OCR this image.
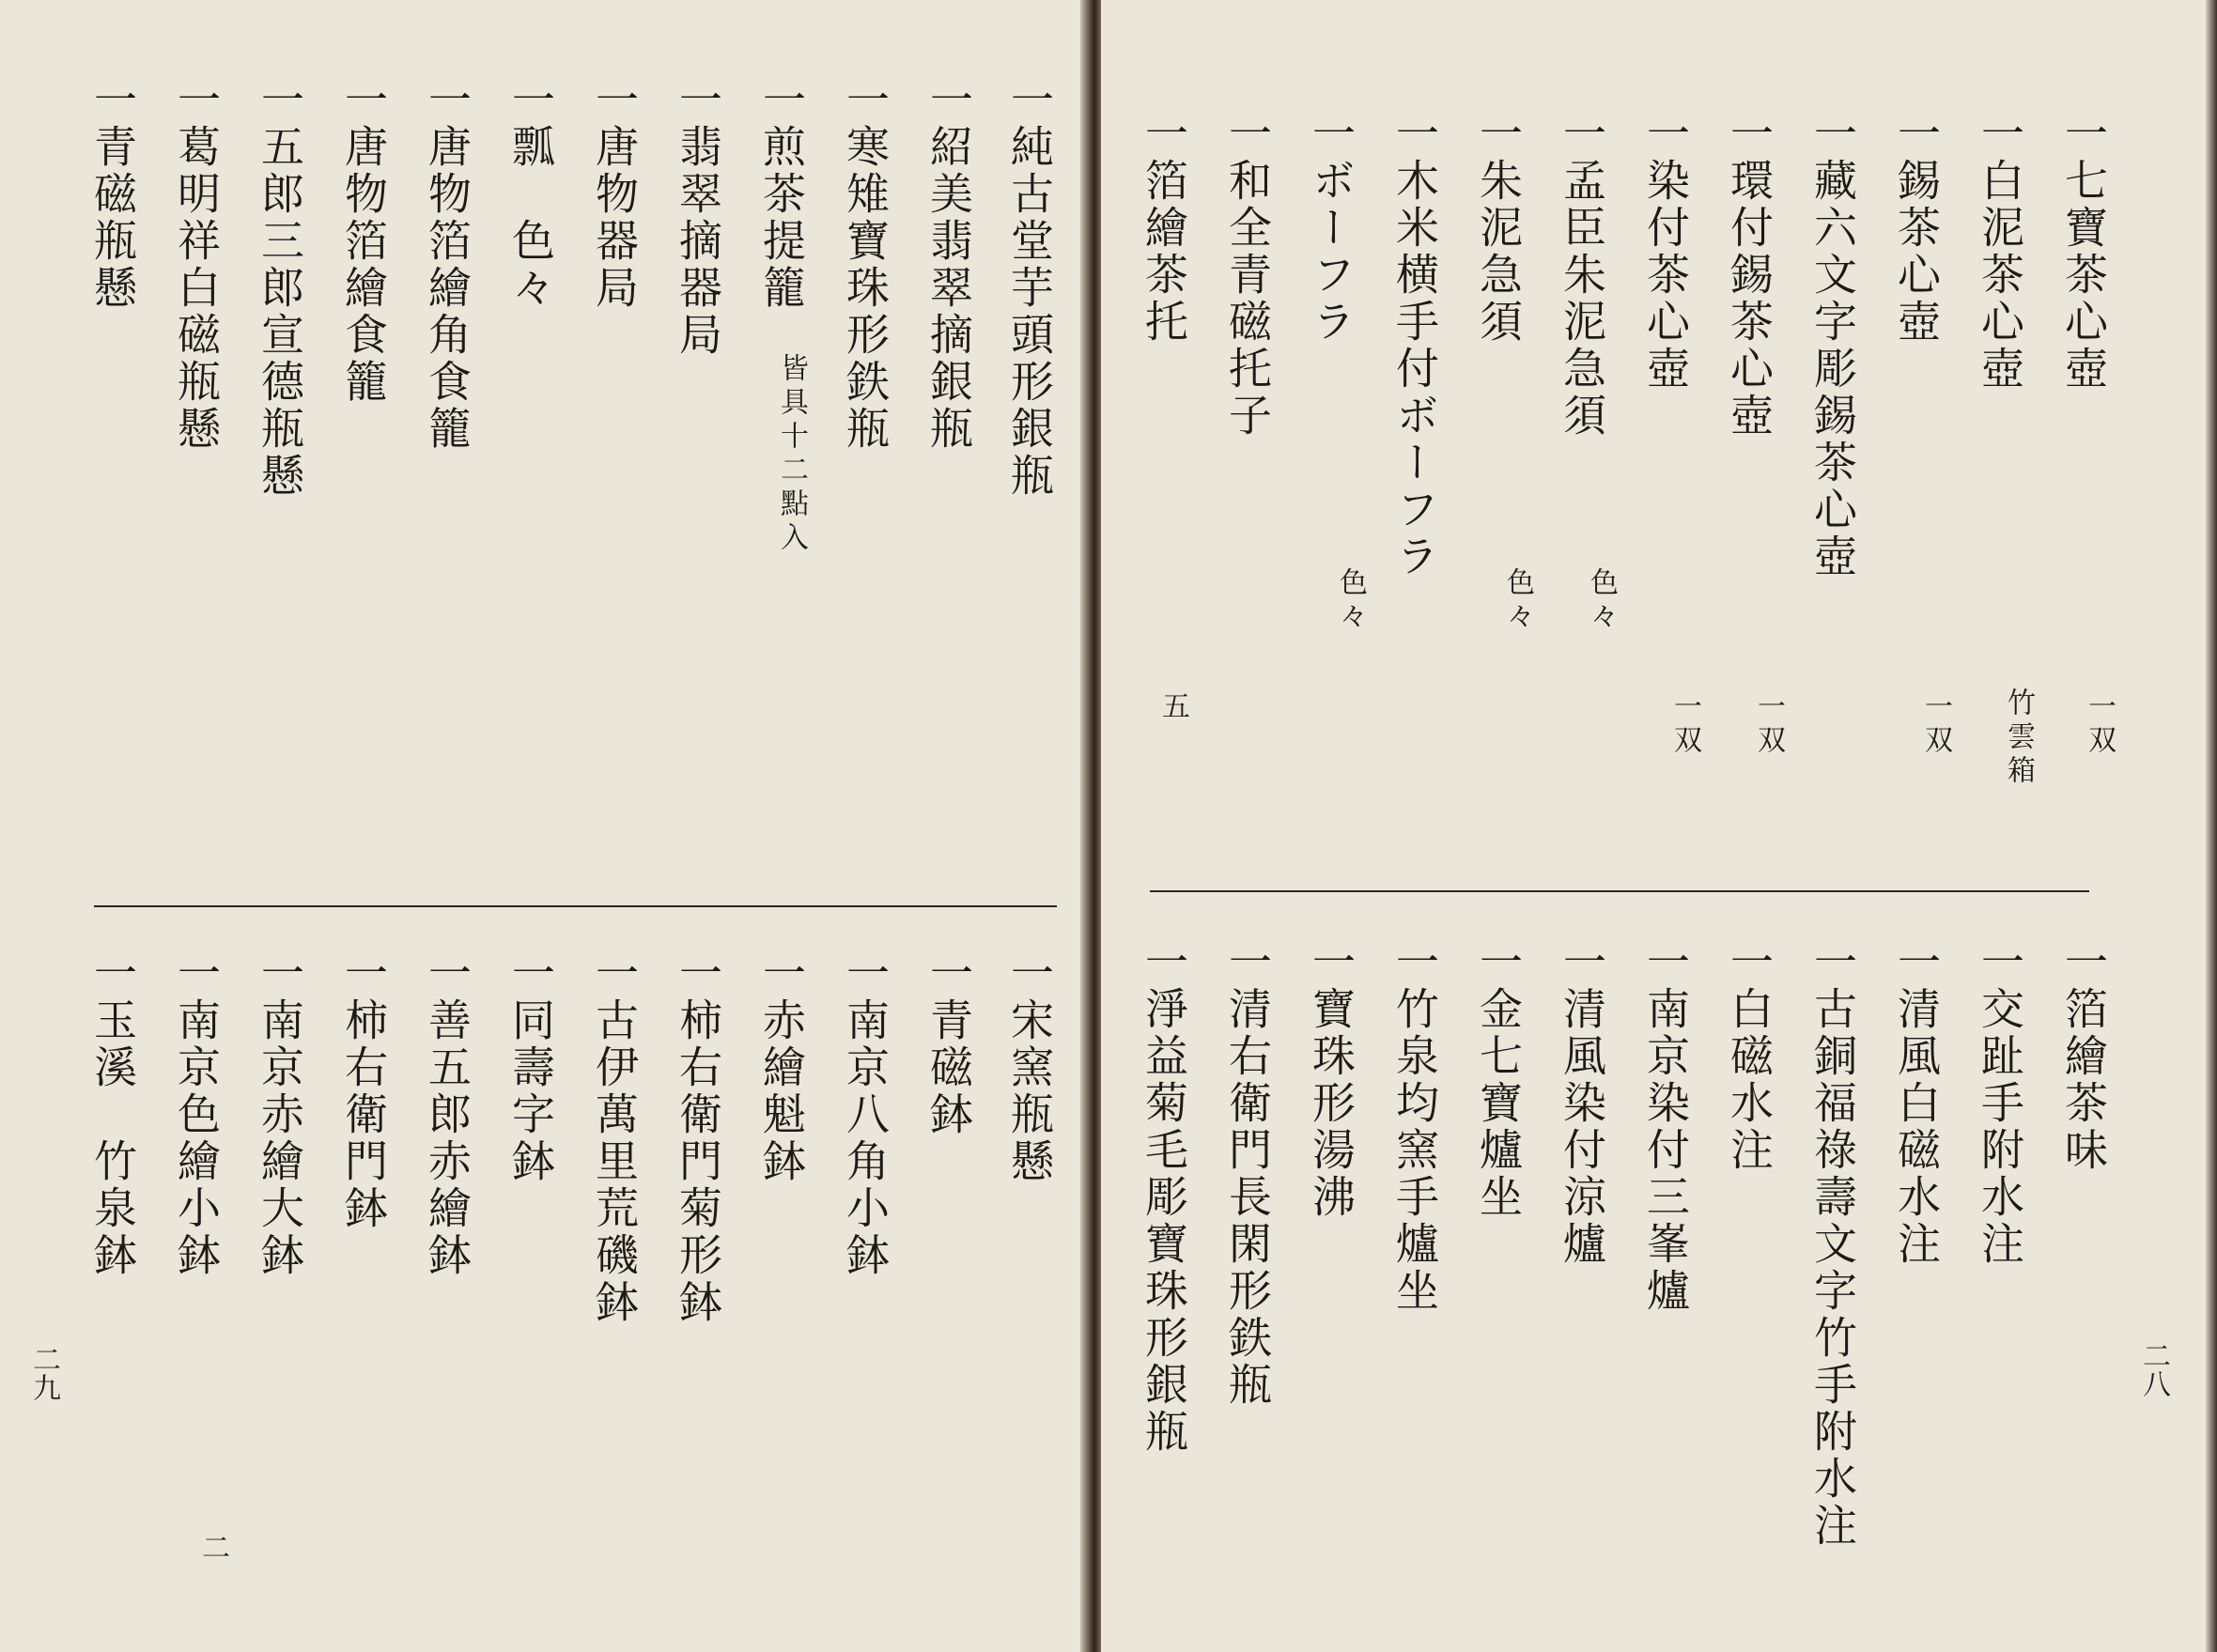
一純古堂芋頭形銀瓶
一紹美翡翠摘銀瓶
一寒雉寶珠形鉄瓶
一煎茶提籠
皆具十二點入
一翡翠摘器局
一唐物器局
一瓢　色々
一唐物箔繪角食籠
一唐物箔繪食籠
一五郎三郎宣德瓶懸
一葛明祥白磁瓶懸
一青磁瓶懸
一宋窯瓶懸
一青磁鉢
一南京八角小鉢
一赤繪魁鉢
一柿右衛門菊形鉢
一古伊萬里荒磯鉢
一同壽字鉢
一善五郎赤繪鉢
一柿右衛門鉢
一南京赤繪大鉢
一南京色繪小鉢
一玉溪　竹泉鉢
二九
二
一七寶茶心壺
一双
一白泥茶心壺
竹雲箱
一錫茶心壺
一双
一藏六文字彫錫茶心壺
一環付錫茶心壺
一双
一染付茶心壺
一双
一孟臣朱泥急須
色々
一朱泥急須
色々
一木米横手付ボーフラ
一ボーフラ
色々
一和全青磁托子
一箔繪茶托
五
一箔繪茶味
一交趾手附水注
一清風白磁水注
一古銅福祿壽文字竹手附水注
一白磁水注
一南京染付三峯爐
一清風染付涼爐
一金七寶爐坐
一竹泉均窯手爐坐
一寶珠形湯沸
一清右衛門長閑形鉄瓶
一淨益菊毛彫寶珠形銀瓶	二八
